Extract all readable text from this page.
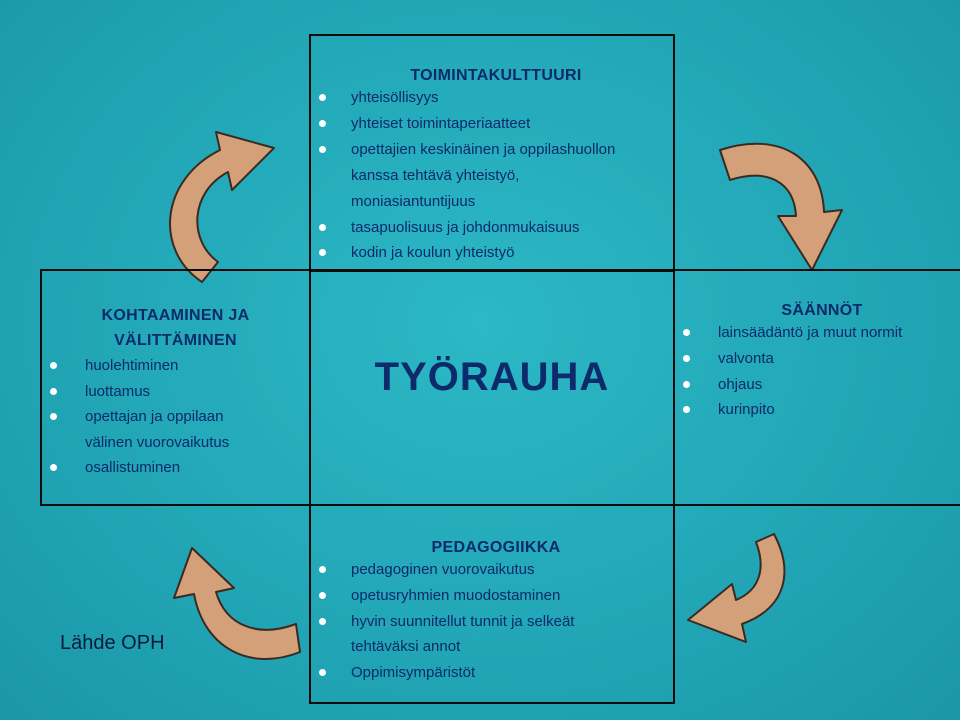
TOIMINTAKULTTUURI

yhteisöllisyys
yhteiset toimintaperiaatteet
opettajien keskinäinen ja oppilashuollon
kanssa tehtävä yhteistyö,
moniasiantuntijuus
tasapuolisuus ja johdonmukaisuus
kodin ja koulun yhteistyö

KOHTAAMINEN JA

VÄLITTÄMINEN

huolehtiminen
luottamus
opettajan ja oppilaan
välinen vuorovaikutus
osallistuminen
TYÖRAUHA

SÄÄNNÖT

lainsäädäntö ja muut normit
valvonta
ohjaus
kurinpito

PEDAGOGIIKKA

pedagoginen vuorovaikutus
opetusryhmien muodostaminen
hyvin suunnitellut tunnit ja selkeät
tehtäväksi annot
Oppimisympäristöt
Lähde OPH
